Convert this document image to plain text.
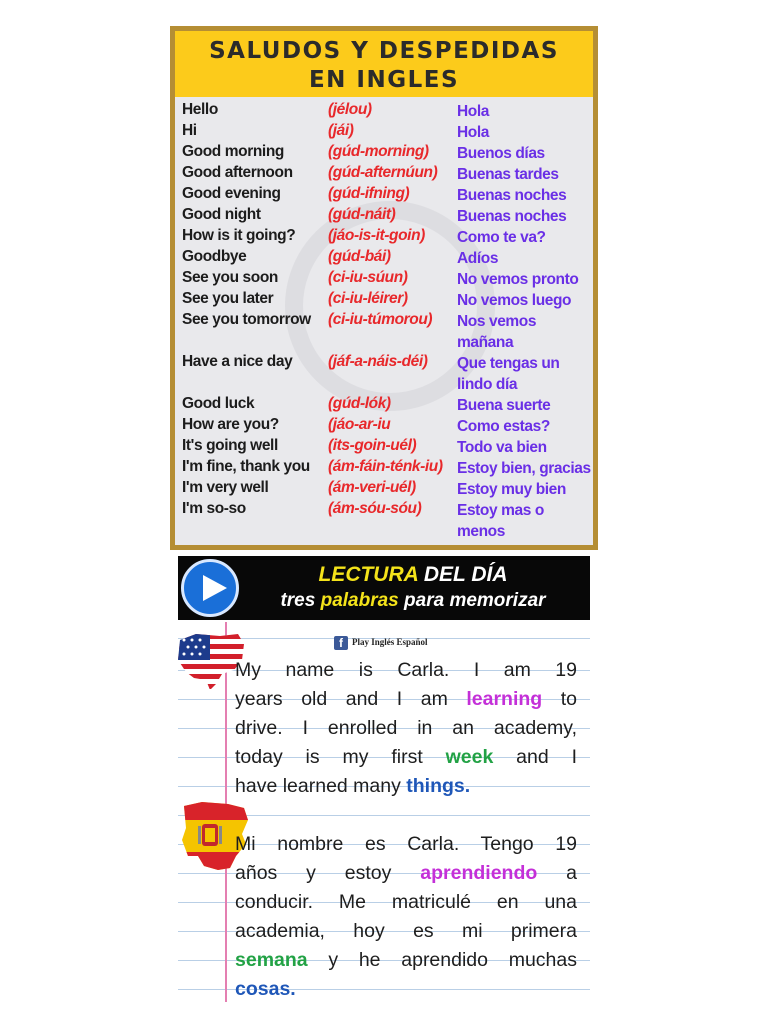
SALUDOS Y DESPEDIDAS
EN INGLES
Hello	(jélou)	Hola
Hi	(jái)	Hola
Good morning	(gúd-morning) Buenos días
Good afternoon (gúd-afternúun) Buenas tardes
Good evening	(gúd-ifning)	Buenas noches
Good night	(gúd-náit)	Buenas noches
How is it going? (jáo-is-it-goin) Como te va?
Goodbye	(gúd-bái)	Adíos
See you soon	(ci-iu-súun)	No vemos pronto
See you later	(ci-iu-léirer)	No vemos luego
See you tomorrow (ci-iu-túmorou) Nos vemos
mañana
Have a nice day (jáf-a-náis-déi) Que tengas un
lindo día
Good luck	(gúd-lók)	Buena suerte
How are you?	(jáo-ar-iu	Como estas?
It's going well	(its-goin-uél)	Todo va bien
I'm fine, thank you (ám-fáin-ténk-iu) Estoy bien, gracias
I'm very well	(ám-veri-uél)	Estoy muy bien
I'm so-so	(ám-sóu-sóu) Estoy mas o
menos
LECTURA DEL DÍA
tres palabras para memorizar
f Play Inglés Español
My name is Carla. I am 19
years old and I am learning to
drive. I enrolled in an academy,
today is my first week and I
have learned many things.
Mi nombre es Carla. Tengo 19
años y estoy aprendiendo a
conducir. Me matriculé en una
academia, hoy es mi primera
semana y he aprendido muchas
cosas.
